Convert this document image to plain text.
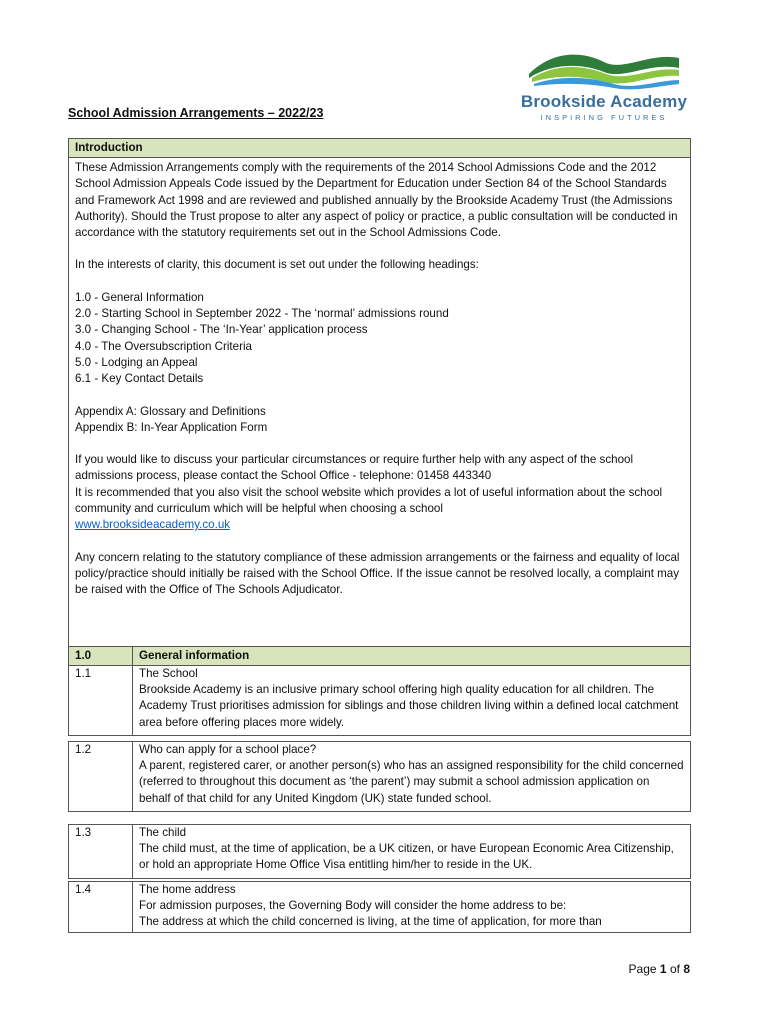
Brookside Academy
INSPIRING FUTURES
School Admission Arrangements – 2022/23
Introduction

These Admission Arrangements comply with the requirements of the 2014 School Admissions Code and the 2012 School Admission Appeals Code issued by the Department for Education under Section 84 of the School Standards and Framework Act 1998 and are reviewed and published annually by the Brookside Academy Trust (the Admissions Authority). Should the Trust propose to alter any aspect of policy or practice, a public consultation will be conducted in accordance with the statutory requirements set out in the School Admissions Code.

In the interests of clarity, this document is set out under the following headings:

1.0 - General Information
2.0 - Starting School in September 2022 - The ‘normal’ admissions round
3.0 - Changing School - The ‘In-Year’ application process
4.0 - The Oversubscription Criteria
5.0 - Lodging an Appeal
6.1 - Key Contact Details
Appendix A: Glossary and Definitions
Appendix B: In-Year Application Form

If you would like to discuss your particular circumstances or require further help with any aspect of the school admissions process, please contact the School Office - telephone: 01458 443340
It is recommended that you also visit the school website which provides a lot of useful information about the school community and curriculum which will be helpful when choosing a school
www.brooksideacademy.co.uk

Any concern relating to the statutory compliance of these admission arrangements or the fairness and equality of local policy/practice should initially be raised with the School Office. If the issue cannot be resolved locally, a complaint may be raised with the Office of The Schools Adjudicator.

1.0	General information
1.1	The School
Brookside Academy is an inclusive primary school offering high quality education for all children. The Academy Trust prioritises admission for siblings and those children living within a defined local catchment area before offering places more widely.
1.2	Who can apply for a school place?
A parent, registered carer, or another person(s) who has an assigned responsibility for the child concerned (referred to throughout this document as ‘the parent’) may submit a school admission application on behalf of that child for any United Kingdom (UK) state funded school.
1.3	The child
The child must, at the time of application, be a UK citizen, or have European Economic Area Citizenship, or hold an appropriate Home Office Visa entitling him/her to reside in the UK.
1.4	The home address
For admission purposes, the Governing Body will consider the home address to be:
The address at which the child concerned is living, at the time of application, for more than
Page 1 of 8
